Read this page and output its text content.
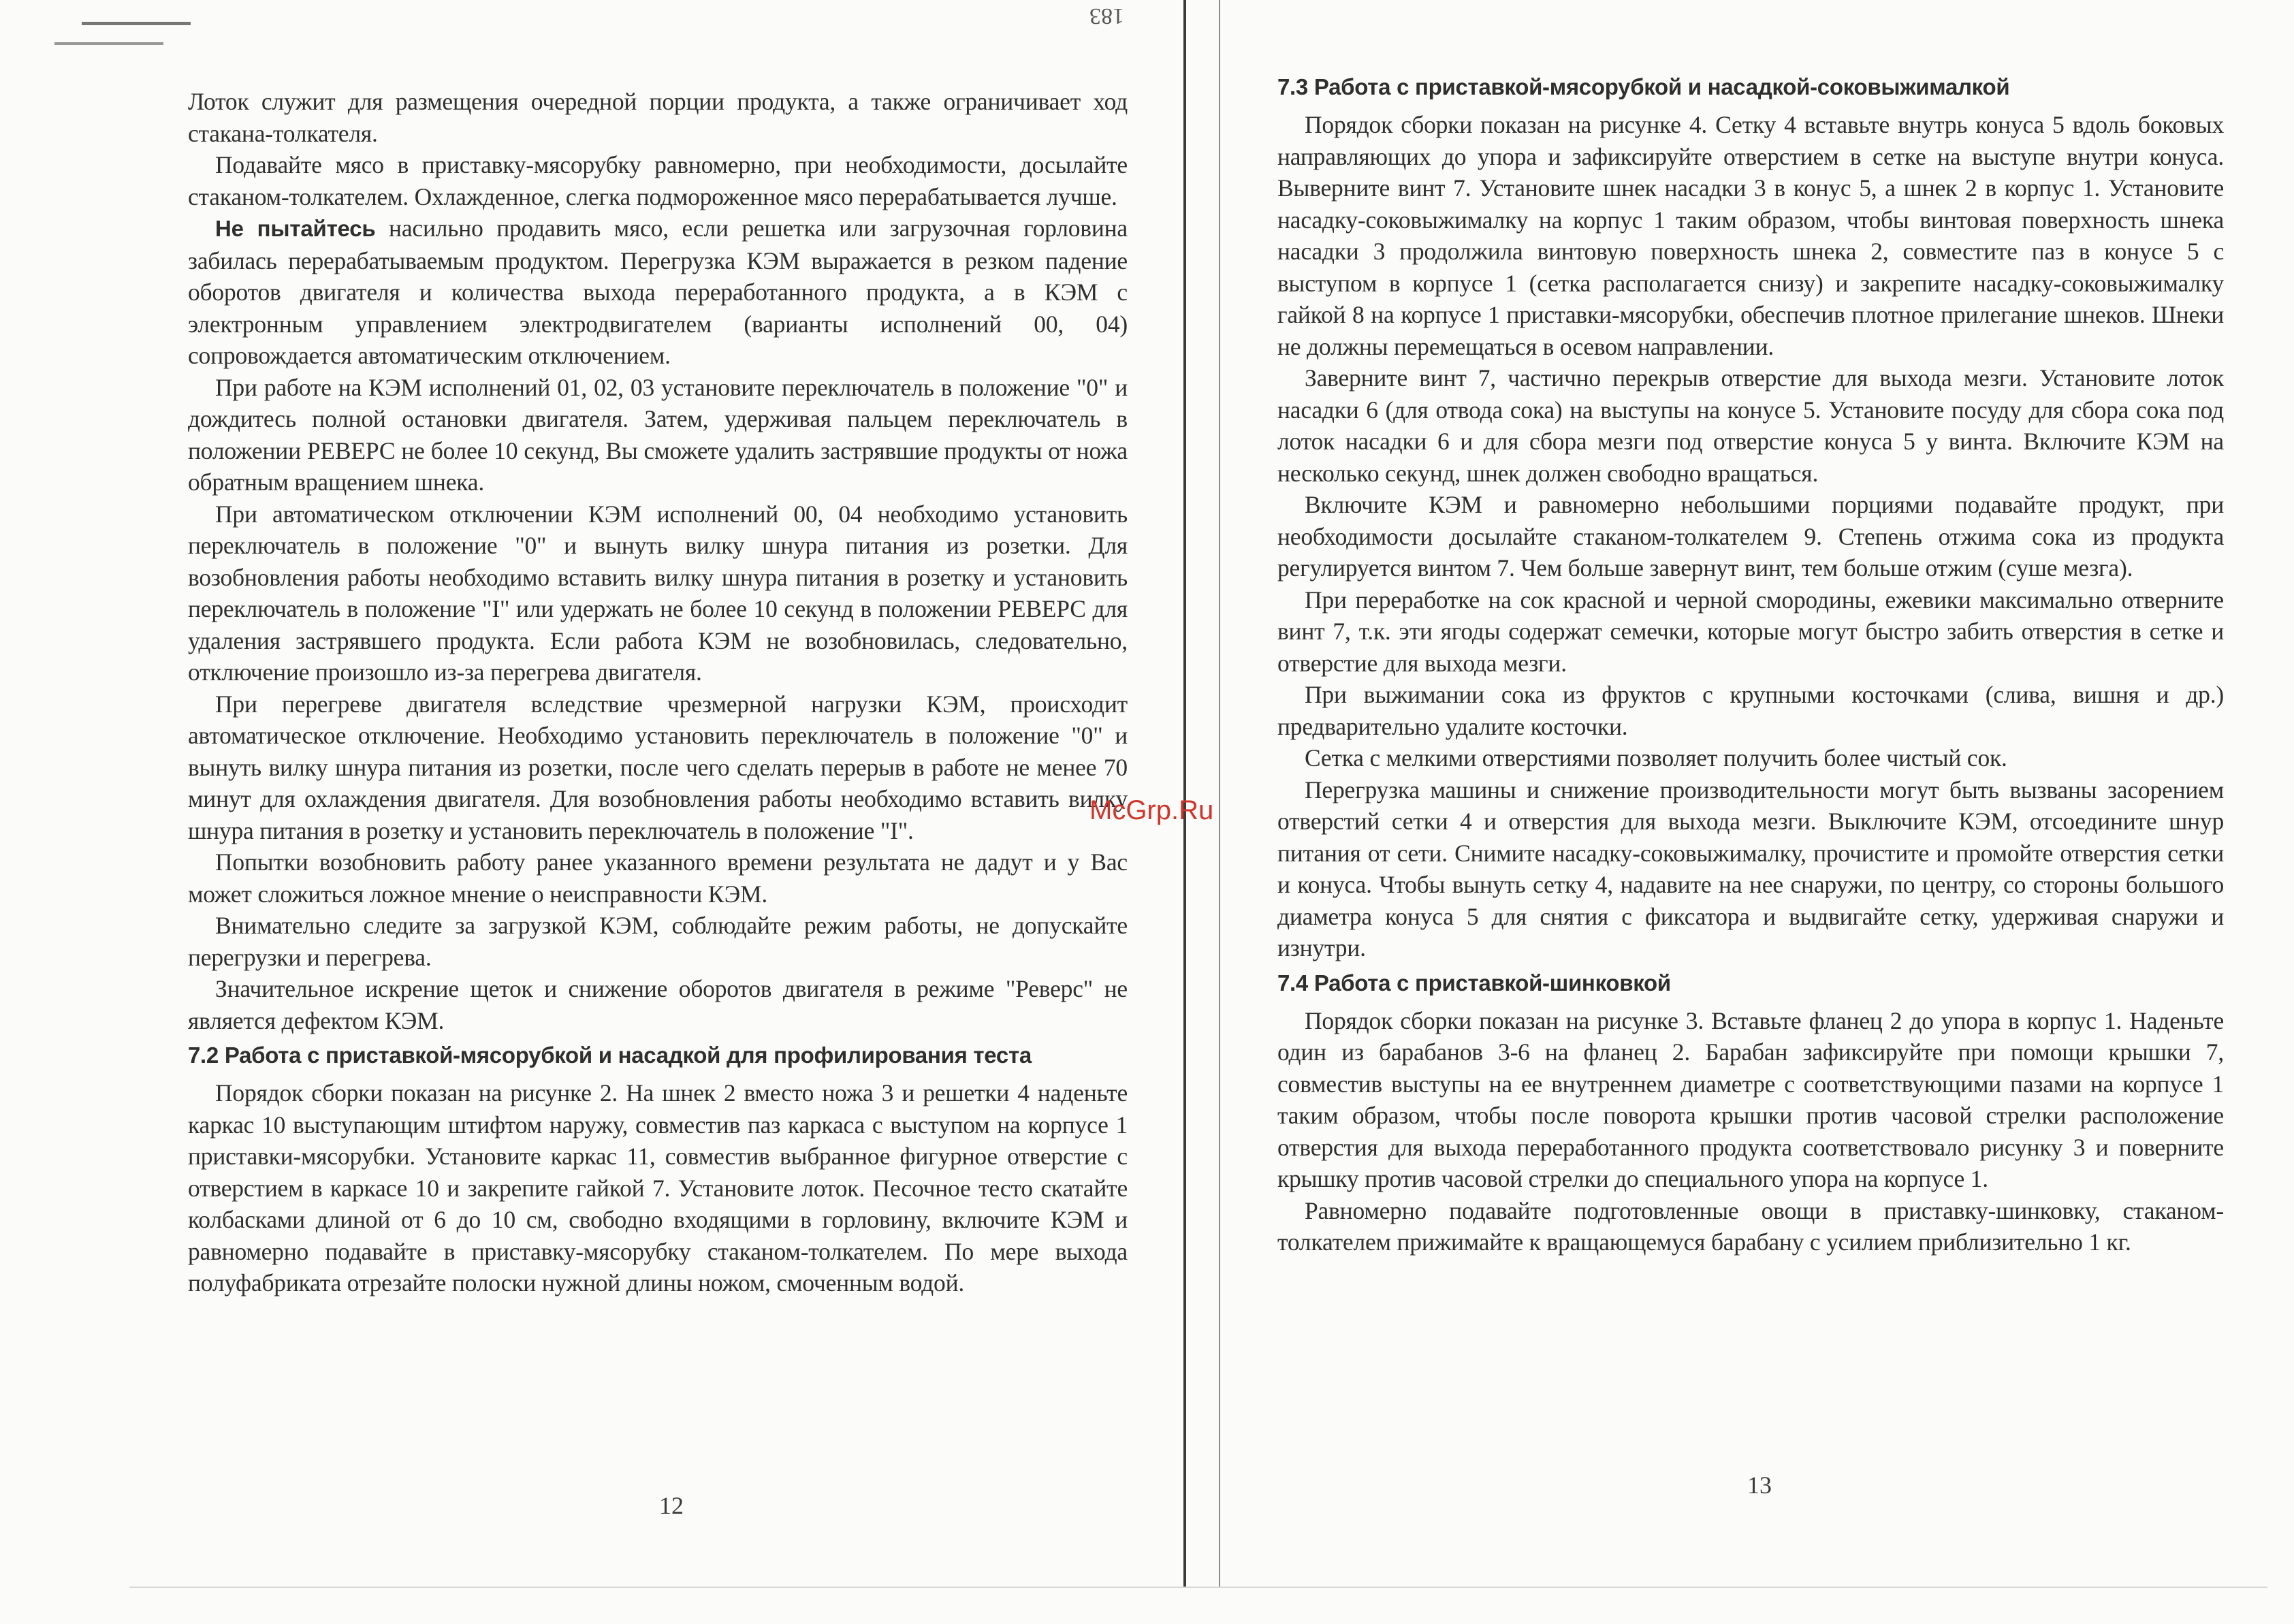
183

Лоток служит для размещения очередной порции продукта, а также ограничивает ход стакана-толкателя.

Подавайте мясо в приставку-мясорубку равномерно, при необходимости, досылайте стаканом-толкателем. Охлажденное, слегка подмороженное мясо перерабатывается лучше.

Не пытайтесь насильно продавить мясо, если решетка или загрузочная горловина забилась перерабатываемым продуктом. Перегрузка КЭМ выражается в резком падение оборотов двигателя и количества выхода переработанного продукта, а в КЭМ с электронным управлением электродвигателем (варианты исполнений 00, 04) сопровождается автоматическим отключением.

При работе на КЭМ исполнений 01, 02, 03 установите переключатель в положение "0" и дождитесь полной остановки двигателя. Затем, удерживая пальцем переключатель в положении РЕВЕРС не более 10 секунд, Вы сможете удалить застрявшие продукты от ножа обратным вращением шнека.

При автоматическом отключении КЭМ исполнений 00, 04 необходимо установить переключатель в положение "0" и вынуть вилку шнура питания из розетки. Для возобновления работы необходимо вставить вилку шнура питания в розетку и установить переключатель в положение "I" или удержать не более 10 секунд в положении РЕВЕРС для удаления застрявшего продукта. Если работа КЭМ не возобновилась, следовательно, отключение произошло из-за перегрева двигателя.

При перегреве двигателя вследствие чрезмерной нагрузки КЭМ, происходит автоматическое отключение. Необходимо установить переключатель в положение "0" и вынуть вилку шнура питания из розетки, после чего сделать перерыв в работе не менее 70 минут для охлаждения двигателя. Для возобновления работы необходимо вставить вилку шнура питания в розетку и установить переключатель в положение "I".

Попытки возобновить работу ранее указанного времени результата не дадут и у Вас может сложиться ложное мнение о неисправности КЭМ.

Внимательно следите за загрузкой КЭМ, соблюдайте режим работы, не допускайте перегрузки и перегрева.

Значительное искрение щеток и снижение оборотов двигателя в режиме "Реверс" не является дефектом КЭМ.

7.2 Работа с приставкой-мясорубкой и насадкой для профилирования теста

Порядок сборки показан на рисунке 2. На шнек 2 вместо ножа 3 и решетки 4 наденьте каркас 10 выступающим штифтом наружу, совместив паз каркаса с выступом на корпусе 1 приставки-мясорубки. Установите каркас 11, совместив выбранное фигурное отверстие с отверстием в каркасе 10 и закрепите гайкой 7. Установите лоток. Песочное тесто скатайте колбасками длиной от 6 до 10 см, свободно входящими в горловину, включите КЭМ и равномерно подавайте в приставку-мясорубку стаканом-толкателем. По мере выхода полуфабриката отрезайте полоски нужной длины ножом, смоченным водой.

12
7.3 Работа с приставкой-мясорубкой и насадкой-соковыжималкой

Порядок сборки показан на рисунке 4. Сетку 4 вставьте внутрь конуса 5 вдоль боковых направляющих до упора и зафиксируйте отверстием в сетке на выступе внутри конуса. Выверните винт 7. Установите шнек насадки 3 в конус 5, а шнек 2 в корпус 1. Установите насадку-соковыжималку на корпус 1 таким образом, чтобы винтовая поверхность шнека насадки 3 продолжила винтовую поверхность шнека 2, совместите паз в конусе 5 с выступом в корпусе 1 (сетка располагается снизу) и закрепите насадку-соковыжималку гайкой 8 на корпусе 1 приставки-мясорубки, обеспечив плотное прилегание шнеков. Шнеки не должны перемещаться в осевом направлении.

Заверните винт 7, частично перекрыв отверстие для выхода мезги. Установите лоток насадки 6 (для отвода сока) на выступы на конусе 5. Установите посуду для сбора сока под лоток насадки 6 и для сбора мезги под отверстие конуса 5 у винта. Включите КЭМ на несколько секунд, шнек должен свободно вращаться.

Включите КЭМ и равномерно небольшими порциями подавайте продукт, при необходимости досылайте стаканом-толкателем 9. Степень отжима сока из продукта регулируется винтом 7. Чем больше завернут винт, тем больше отжим (суше мезга).

При переработке на сок красной и черной смородины, ежевики максимально отверните винт 7, т.к. эти ягоды содержат семечки, которые могут быстро забить отверстия в сетке и отверстие для выхода мезги.

При выжимании сока из фруктов с крупными косточками (слива, вишня и др.) предварительно удалите косточки.

Сетка с мелкими отверстиями позволяет получить более чистый сок.

Перегрузка машины и снижение производительности могут быть вызваны засорением отверстий сетки 4 и отверстия для выхода мезги. Выключите КЭМ, отсоедините шнур питания от сети. Снимите насадку-соковыжималку, прочистите и промойте отверстия сетки и конуса. Чтобы вынуть сетку 4, надавите на нее снаружи, по центру, со стороны большого диаметра конуса 5 для снятия с фиксатора и выдвигайте сетку, удерживая снаружи и изнутри.

7.4 Работа с приставкой-шинковкой

Порядок сборки показан на рисунке 3. Вставьте фланец 2 до упора в корпус 1. Наденьте один из барабанов 3-6 на фланец 2. Барабан зафиксируйте при помощи крышки 7, совместив выступы на ее внутреннем диаметре с соответствующими пазами на корпусе 1 таким образом, чтобы после поворота крышки против часовой стрелки расположение отверстия для выхода переработанного продукта соответствовало рисунку 3 и поверните крышку против часовой стрелки до специального упора на корпусе 1.

Равномерно подавайте подготовленные овощи в приставку-шинковку, стаканом-толкателем прижимайте к вращающемуся барабану с усилием приблизительно 1 кг.

13
McGrp.Ru
